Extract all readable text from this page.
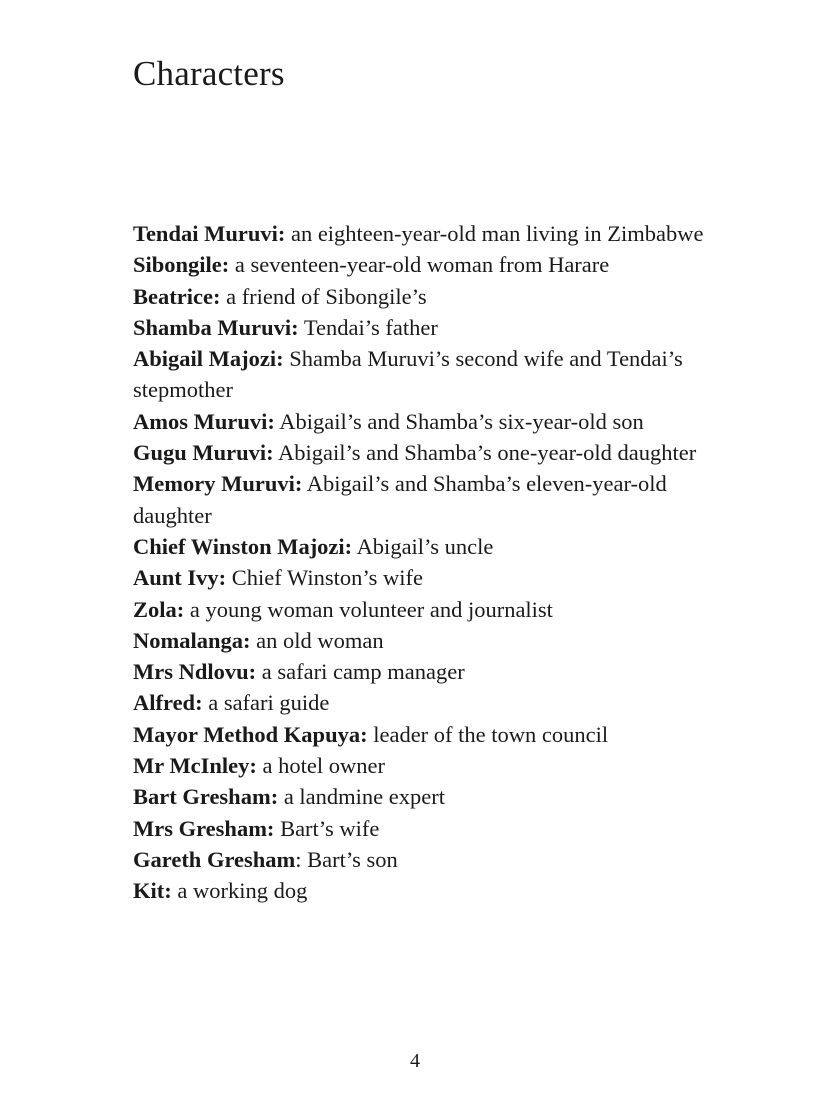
Characters
Tendai Muruvi: an eighteen-year-old man living in Zimbabwe
Sibongile: a seventeen-year-old woman from Harare
Beatrice: a friend of Sibongile’s
Shamba Muruvi: Tendai’s father
Abigail Majozi: Shamba Muruvi’s second wife and Tendai’s stepmother
Amos Muruvi: Abigail’s and Shamba’s six-year-old son
Gugu Muruvi: Abigail’s and Shamba’s one-year-old daughter
Memory Muruvi: Abigail’s and Shamba’s eleven-year-old daughter
Chief Winston Majozi: Abigail’s uncle
Aunt Ivy: Chief Winston’s wife
Zola: a young woman volunteer and journalist
Nomalanga: an old woman
Mrs Ndlovu: a safari camp manager
Alfred: a safari guide
Mayor Method Kapuya: leader of the town council
Mr McInley: a hotel owner
Bart Gresham: a landmine expert
Mrs Gresham: Bart’s wife
Gareth Gresham: Bart’s son
Kit: a working dog
4
